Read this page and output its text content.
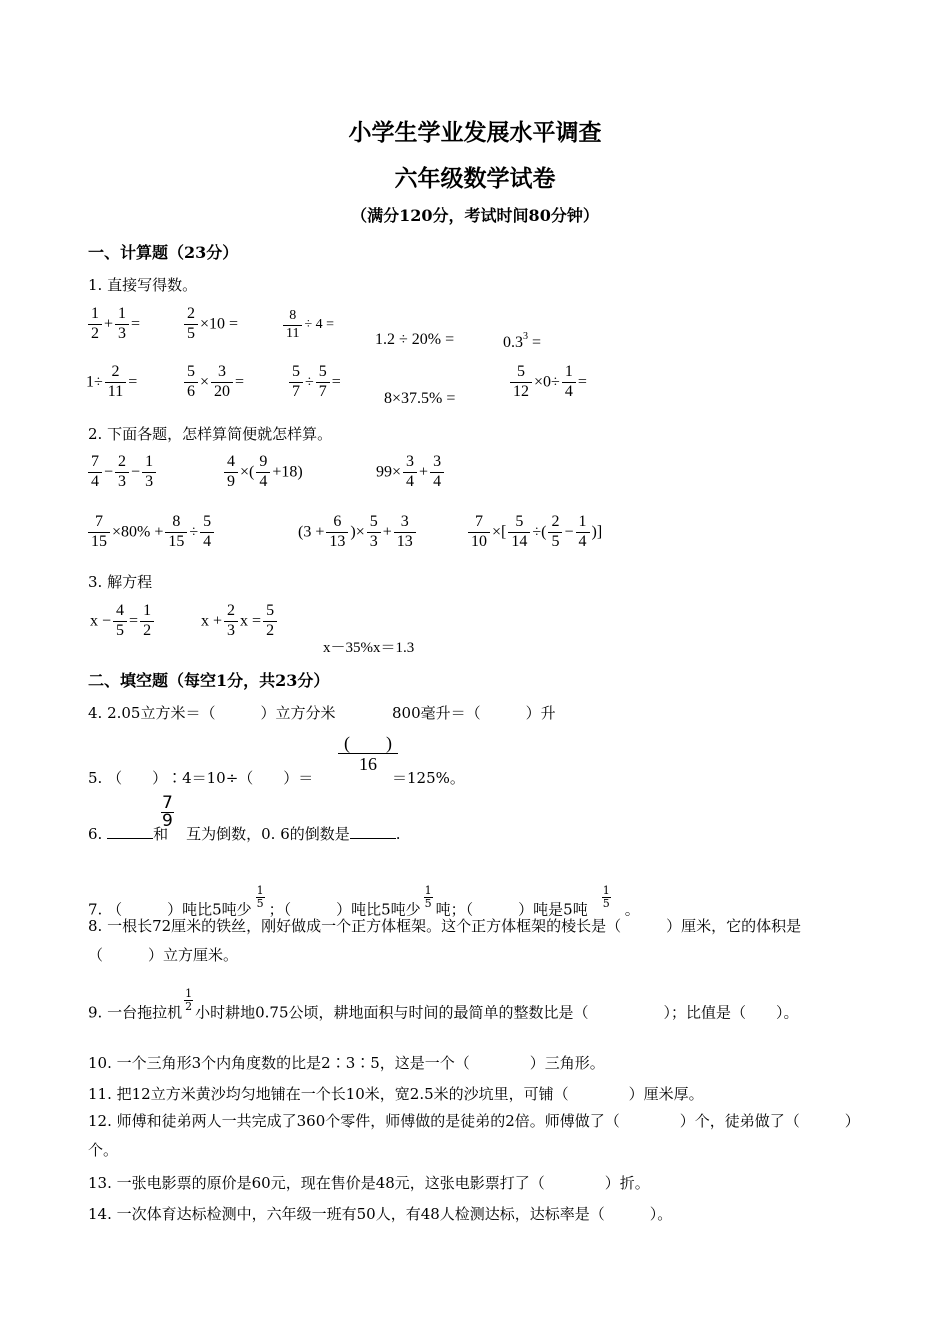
小学生学业发展水平调查
六年级数学试卷
（满分120分，考试时间80分钟）
一、计算题（23分）
1. 直接写得数。
$\frac{1}{2} + \frac{1}{3}$ =	$\frac{2}{5} \times 10$ =	$\frac{8}{11} \div 4$ =
1.2 ÷ 20% =	$0.3^3$ =
$1\div \frac{2}{11}$ =	$\frac{5}{6} \times \frac{3}{20}$ =	$\frac{5}{7} \div \frac{5}{7}$ =
8×37.5% =	$\frac{5}{12} \times 0\div \frac{1}{4}$ =
2. 下面各题，怎样算简便就怎样算。
$\frac{7}{4} - \frac{2}{3} - \frac{1}{3}$	$\frac{4}{9}$ ×( $\frac{9}{4} +18$)	$99\times \frac{3}{4} + \frac{3}{4}$
$\frac{7}{15} \times 80\% + \frac{8}{15} \div \frac{5}{4}$	($3 + \frac{6}{13}$ )× $\frac{5}{3} + \frac{3}{13}$	$\frac{7}{10}$ ×[ $\frac{5}{14}$ ÷( $\frac{2}{5} - \frac{1}{4}$ )]
3. 解方程
$x - \frac{4}{5} = \frac{1}{2}$	$x + \frac{2}{3}$ $x = \frac{5}{2}$
x－35%x＝1.3
二、填空题（每空1分，共23分）
4. 2.05立方米＝（　　　）立方分米	800毫升＝（　　　）升
5. （　　）∶4＝10÷（　　）＝
$\frac{( )}{16}$
＝125%。
6.	和 互为倒数，0. 6的倒数是	.
7
9
7. （　　　）吨比5吨少
$\frac{1}{5}$
；（　　　）吨比5吨少
$\frac{1}{5}$
吨；（　　　）吨是5吨
$\frac{1}{5}$
。
8. 一根长72厘米的铁丝，刚好做成一个正方体框架。这个正方体框架的棱长是（　　　）厘米，它的体积是（　　　）立方厘米。
9. 一台拖拉机
$\frac{1}{2}$
小时耕地0.75公顷，耕地面积与时间的最简单的整数比是（　　　　　）；比值是（　　）。
10. 一个三角形3个内角度数的比是2∶3∶5，这是一个（　　　　）三角形。
11. 把12立方米黄沙均匀地铺在一个长10米，宽2.5米的沙坑里，可铺（　　　　）厘米厚。
12. 师傅和徒弟两人一共完成了360个零件，师傅做的是徒弟的2倍。师傅做了（　　　　）个，徒弟做了（　　　）个。
13. 一张电影票的原价是60元，现在售价是48元，这张电影票打了（　　　　）折。
14. 一次体育达标检测中，六年级一班有50人，有48人检测达标，达标率是（　　　）。
